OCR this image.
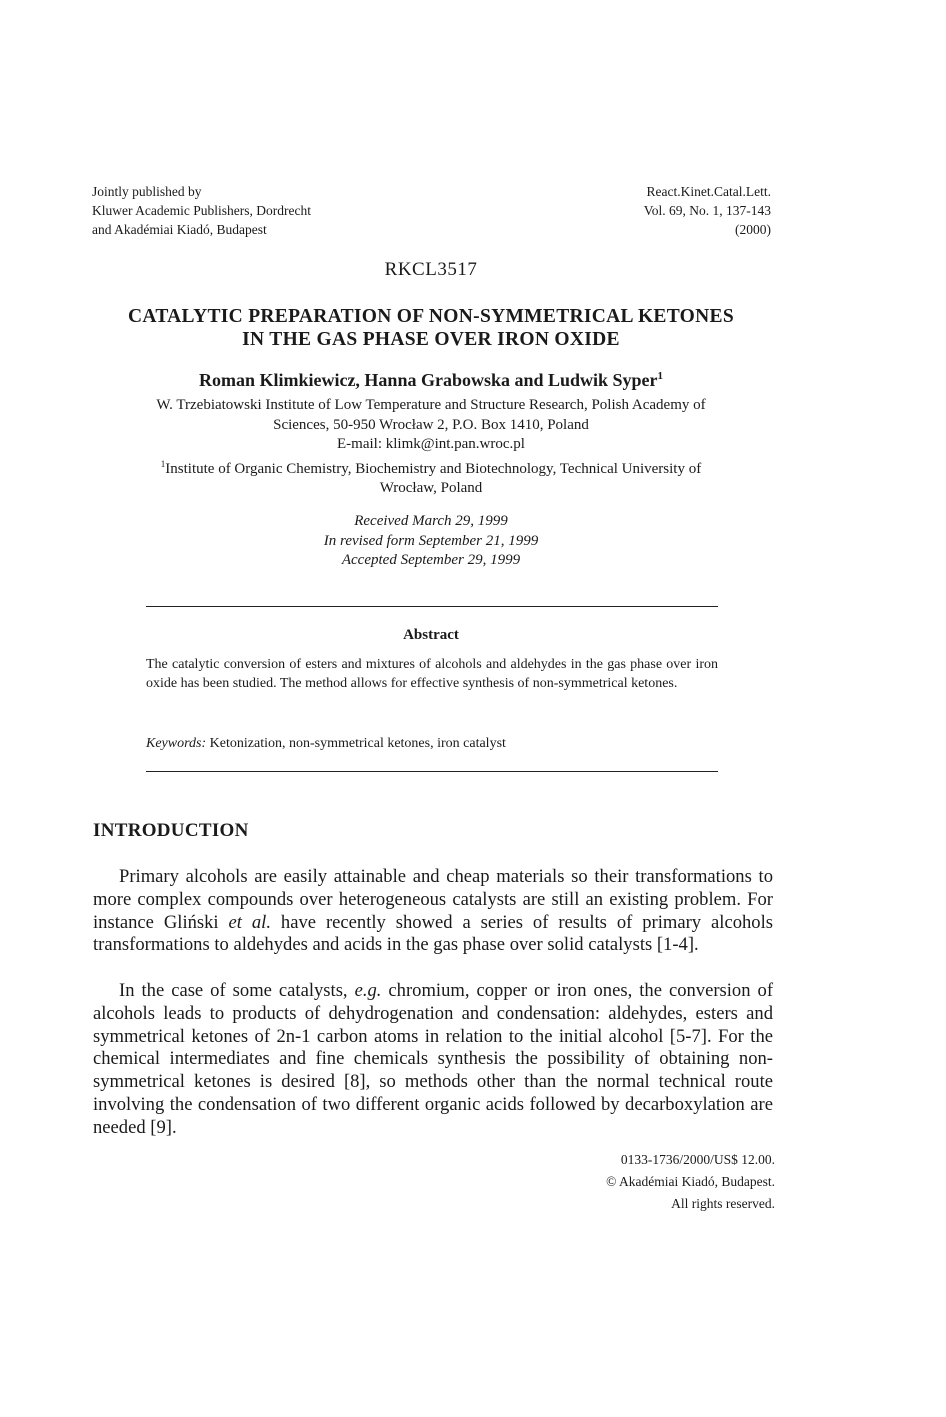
Jointly published by
Kluwer Academic Publishers, Dordrecht
and Akadémiai Kiadó, Budapest
React.Kinet.Catal.Lett.
Vol. 69, No. 1, 137-143
(2000)
RKCL3517
CATALYTIC PREPARATION OF NON-SYMMETRICAL KETONES
IN THE GAS PHASE OVER IRON OXIDE
Roman Klimkiewicz, Hanna Grabowska and Ludwik Syper$^1$
W. Trzebiatowski Institute of Low Temperature and Structure Research, Polish Academy of
Sciences, 50-950 Wrocław 2, P.O. Box 1410, Poland
E-mail: klimk@int.pan.wroc.pl
$^1$Institute of Organic Chemistry, Biochemistry and Biotechnology, Technical University of
Wrocław, Poland
Received March 29, 1999
In revised form September 21, 1999
Accepted September 29, 1999
Abstract
The catalytic conversion of esters and mixtures of alcohols and aldehydes in the gas phase over iron oxide has been studied. The method allows for effective synthesis of non-symmetrical ketones.
Keywords: Ketonization, non-symmetrical ketones, iron catalyst
INTRODUCTION

Primary alcohols are easily attainable and cheap materials so their transformations to more complex compounds over heterogeneous catalysts are still an existing problem. For instance Gliński et al. have recently showed a series of results of primary alcohols transformations to aldehydes and acids in the gas phase over solid catalysts [1-4].

In the case of some catalysts, e.g. chromium, copper or iron ones, the conversion of alcohols leads to products of dehydrogenation and condensation: aldehydes, esters and symmetrical ketones of 2n-1 carbon atoms in relation to the initial alcohol [5-7]. For the chemical intermediates and fine chemicals synthesis the possibility of obtaining non-symmetrical ketones is desired [8], so methods other than the normal technical route involving the condensation of two different organic acids followed by decarboxylation are needed [9].

0133-1736/2000/US$ 12.00.
© Akadémiai Kiadó, Budapest.
All rights reserved.
